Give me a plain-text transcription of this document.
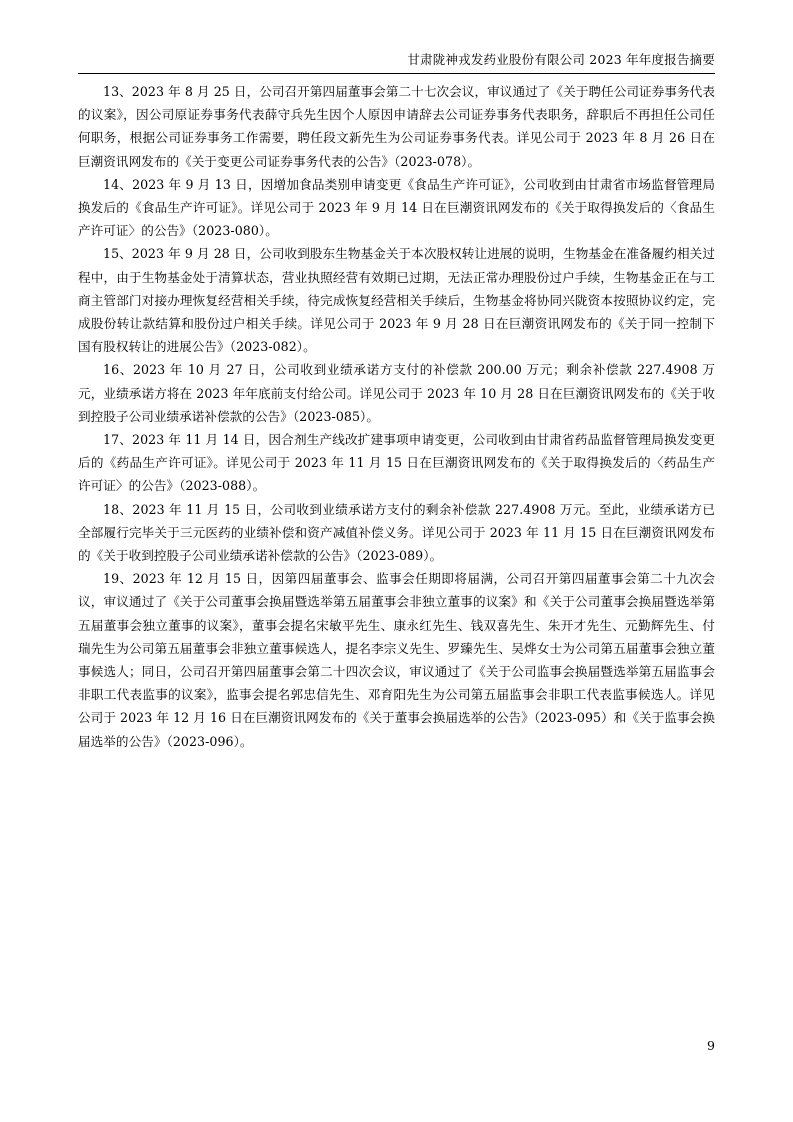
甘肃陇神戎发药业股份有限公司 2023 年年度报告摘要

13、2023 年 8 月 25 日，公司召开第四届董事会第二十七次会议，审议通过了《关于聘任公司证券事务代表的议案》，因公司原证券事务代表薛守兵先生因个人原因申请辞去公司证券事务代表职务，辞职后不再担任公司任何职务，根据公司证券事务工作需要，聘任段文新先生为公司证券事务代表。详见公司于 2023 年 8 月 26 日在巨潮资讯网发布的《关于变更公司证券事务代表的公告》（2023-078）。

14、2023 年 9 月 13 日，因增加食品类别申请变更《食品生产许可证》，公司收到由甘肃省市场监督管理局换发后的《食品生产许可证》。详见公司于 2023 年 9 月 14 日在巨潮资讯网发布的《关于取得换发后的〈食品生产许可证〉的公告》（2023-080）。

15、2023 年 9 月 28 日，公司收到股东生物基金关于本次股权转让进展的说明，生物基金在准备履约相关过程中，由于生物基金处于清算状态，营业执照经营有效期已过期，无法正常办理股份过户手续，生物基金正在与工商主管部门对接办理恢复经营相关手续，待完成恢复经营相关手续后，生物基金将协同兴陇资本按照协议约定，完成股份转让款结算和股份过户相关手续。详见公司于 2023 年 9 月 28 日在巨潮资讯网发布的《关于同一控制下国有股权转让的进展公告》（2023-082）。

16、2023 年 10 月 27 日，公司收到业绩承诺方支付的补偿款 200.00 万元；剩余补偿款 227.4908 万元，业绩承诺方将在 2023 年年底前支付给公司。详见公司于 2023 年 10 月 28 日在巨潮资讯网发布的《关于收到控股子公司业绩承诺补偿款的公告》（2023-085）。

17、2023 年 11 月 14 日，因合剂生产线改扩建事项申请变更，公司收到由甘肃省药品监督管理局换发变更后的《药品生产许可证》。详见公司于 2023 年 11 月 15 日在巨潮资讯网发布的《关于取得换发后的〈药品生产许可证〉的公告》（2023-088）。

18、2023 年 11 月 15 日，公司收到业绩承诺方支付的剩余补偿款 227.4908 万元。至此，业绩承诺方已全部履行完毕关于三元医药的业绩补偿和资产减值补偿义务。详见公司于 2023 年 11 月 15 日在巨潮资讯网发布的《关于收到控股子公司业绩承诺补偿款的公告》（2023-089）。

19、2023 年 12 月 15 日，因第四届董事会、监事会任期即将届满，公司召开第四届董事会第二十九次会议，审议通过了《关于公司董事会换届暨选举第五届董事会非独立董事的议案》和《关于公司董事会换届暨选举第五届董事会独立董事的议案》，董事会提名宋敏平先生、康永红先生、钱双喜先生、朱开才先生、元勤辉先生、付瑞先生为公司第五届董事会非独立董事候选人，提名李宗义先生、罗臻先生、吴烨女士为公司第五届董事会独立董事候选人；同日，公司召开第四届董事会第二十四次会议，审议通过了《关于公司监事会换届暨选举第五届监事会非职工代表监事的议案》，监事会提名郭忠信先生、邓育阳先生为公司第五届监事会非职工代表监事候选人。详见公司于 2023 年 12 月 16 日在巨潮资讯网发布的《关于董事会换届选举的公告》（2023-095）和《关于监事会换届选举的公告》（2023-096）。

9
